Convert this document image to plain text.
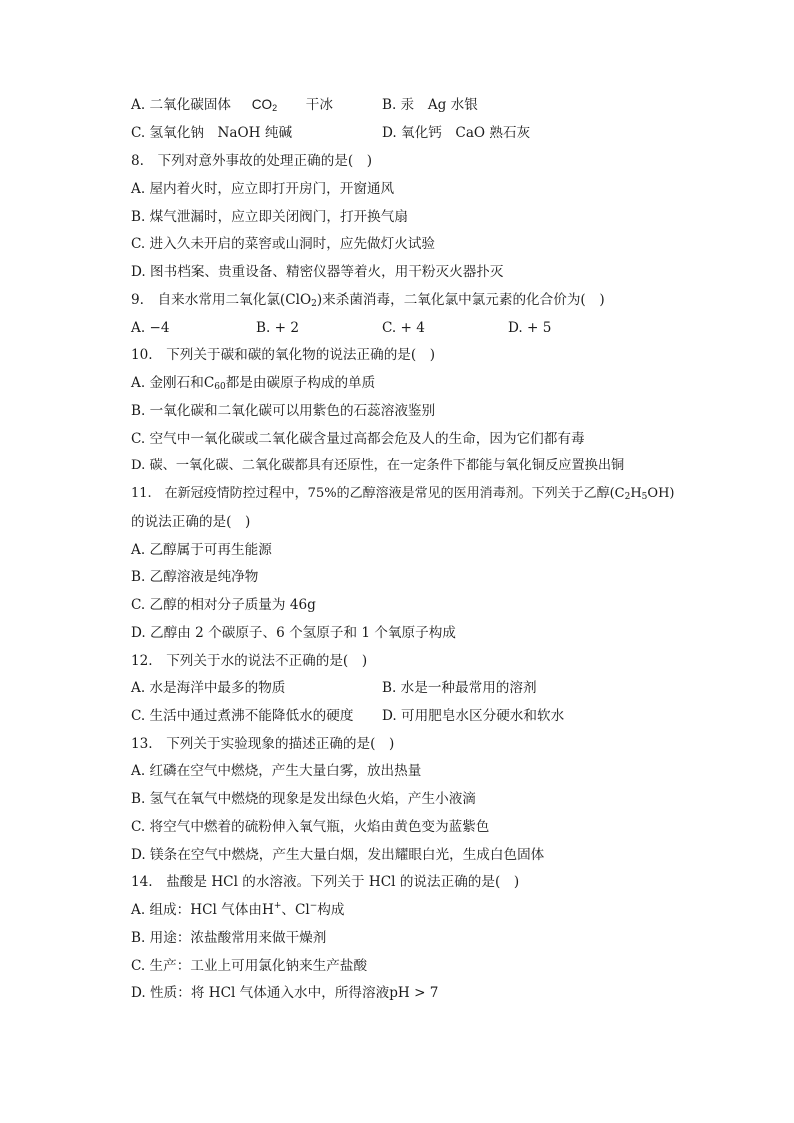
A. 二氧化碳固体 $CO_2$ 干冰	B. 汞　Ag 水银
C. 氢氧化钠　NaOH 纯碱	D. 氧化钙　CaO 熟石灰
8.　下列对意外事故的处理正确的是(　)
A. 屋内着火时，应立即打开房门，开窗通风
B. 煤气泄漏时，应立即关闭阀门，打开换气扇
C. 进入久未开启的菜窖或山洞时，应先做灯火试验
D. 图书档案、贵重设备、精密仪器等着火，用干粉灭火器扑灭
9.　自来水常用二氧化氯(ClO$_2$)来杀菌消毒，二氧化氯中氯元素的化合价为(　)
A. −4	B. + 2	C. + 4	D. + 5
10.　下列关于碳和碳的氧化物的说法正确的是(　)
A. 金刚石和$C_{60}$都是由碳原子构成的单质
B. 一氧化碳和二氧化碳可以用紫色的石蕊溶液鉴别
C. 空气中一氧化碳或二氧化碳含量过高都会危及人的生命，因为它们都有毒
D. 碳、一氧化碳、二氧化碳都具有还原性，在一定条件下都能与氧化铜反应置换出铜
11.　在新冠疫情防控过程中，75%的乙醇溶液是常见的医用消毒剂。下列关于乙醇$(C_2H_5OH)$
的说法正确的是(　)
A. 乙醇属于可再生能源
B. 乙醇溶液是纯净物
C. 乙醇的相对分子质量为 46g
D. 乙醇由 2 个碳原子、6 个氢原子和 1 个氧原子构成
12.　下列关于水的说法不正确的是(　)
A. 水是海洋中最多的物质	B. 水是一种最常用的溶剂
C. 生活中通过煮沸不能降低水的硬度 D. 可用肥皂水区分硬水和软水
13.　下列关于实验现象的描述正确的是(　)
A. 红磷在空气中燃烧，产生大量白雾，放出热量
B. 氢气在氧气中燃烧的现象是发出绿色火焰，产生小液滴
C. 将空气中燃着的硫粉伸入氧气瓶，火焰由黄色变为蓝紫色
D. 镁条在空气中燃烧，产生大量白烟，发出耀眼白光，生成白色固体
14.　盐酸是 HCl 的水溶液。下列关于 HCl 的说法正确的是(　)
A. 组成：HCl 气体由H+、Cl−构成
B. 用途：浓盐酸常用来做干燥剂
C. 生产：工业上可用氯化钠来生产盐酸
D. 性质：将 HCl 气体通入水中，所得溶液pH > 7
